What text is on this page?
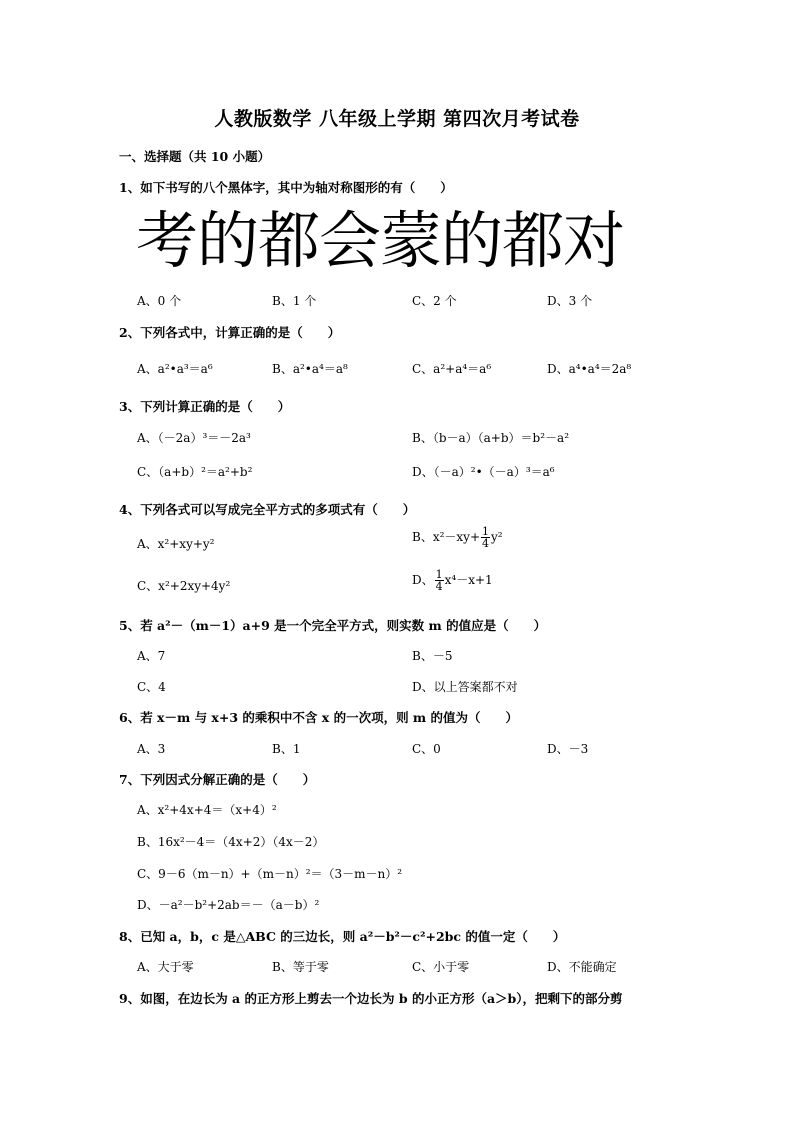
人教版数学 八年级上学期 第四次月考试卷
一、选择题（共 10 小题）
1、如下书写的八个黑体字，其中为轴对称图形的有（　　）
考的都会蒙的都对
A、0 个	B、1 个	C、2 个	D、3 个
2、下列各式中，计算正确的是（　　）
A、a²•a³＝a⁶	B、a²•a⁴＝a⁸	C、a²+a⁴＝a⁶	D、a⁴•a⁴＝2a⁸
3、下列计算正确的是（　　）
A、（－2a）³＝－2a³	B、（b－a）（a+b）＝b²－a²
C、（a+b）²＝a²+b²	D、（－a）²•（－a）³＝a⁶
4、下列各式可以写成完全平方式的多项式有（　　）
A、x²+xy+y²	B、$x^2-xy+ \frac{1}{4} y^2$
C、x²+2xy+4y²	D、 $\frac{1}{4} x^4-x+1$
5、若 a²－（m－1）a+9 是一个完全平方式，则实数 m 的值应是（　　）
A、7	B、－5
C、4	D、以上答案都不对
6、若 x－m 与 x+3 的乘积中不含 x 的一次项，则 m 的值为（　　）
A、3	B、1	C、0	D、－3
7、下列因式分解正确的是（　　）
A、x²+4x+4＝（x+4）²
B、16x²－4＝（4x+2）（4x－2）
C、9－6（m－n）+（m－n）²＝（3－m－n）²
D、－a²－b²+2ab＝－（a－b）²
8、已知 a，b，c 是△ABC 的三边长，则 a²－b²－c²+2bc 的值一定（　　）
A、大于零	B、等于零	C、小于零	D、不能确定
9、如图，在边长为 a 的正方形上剪去一个边长为 b 的小正方形（a＞b），把剩下的部分剪
